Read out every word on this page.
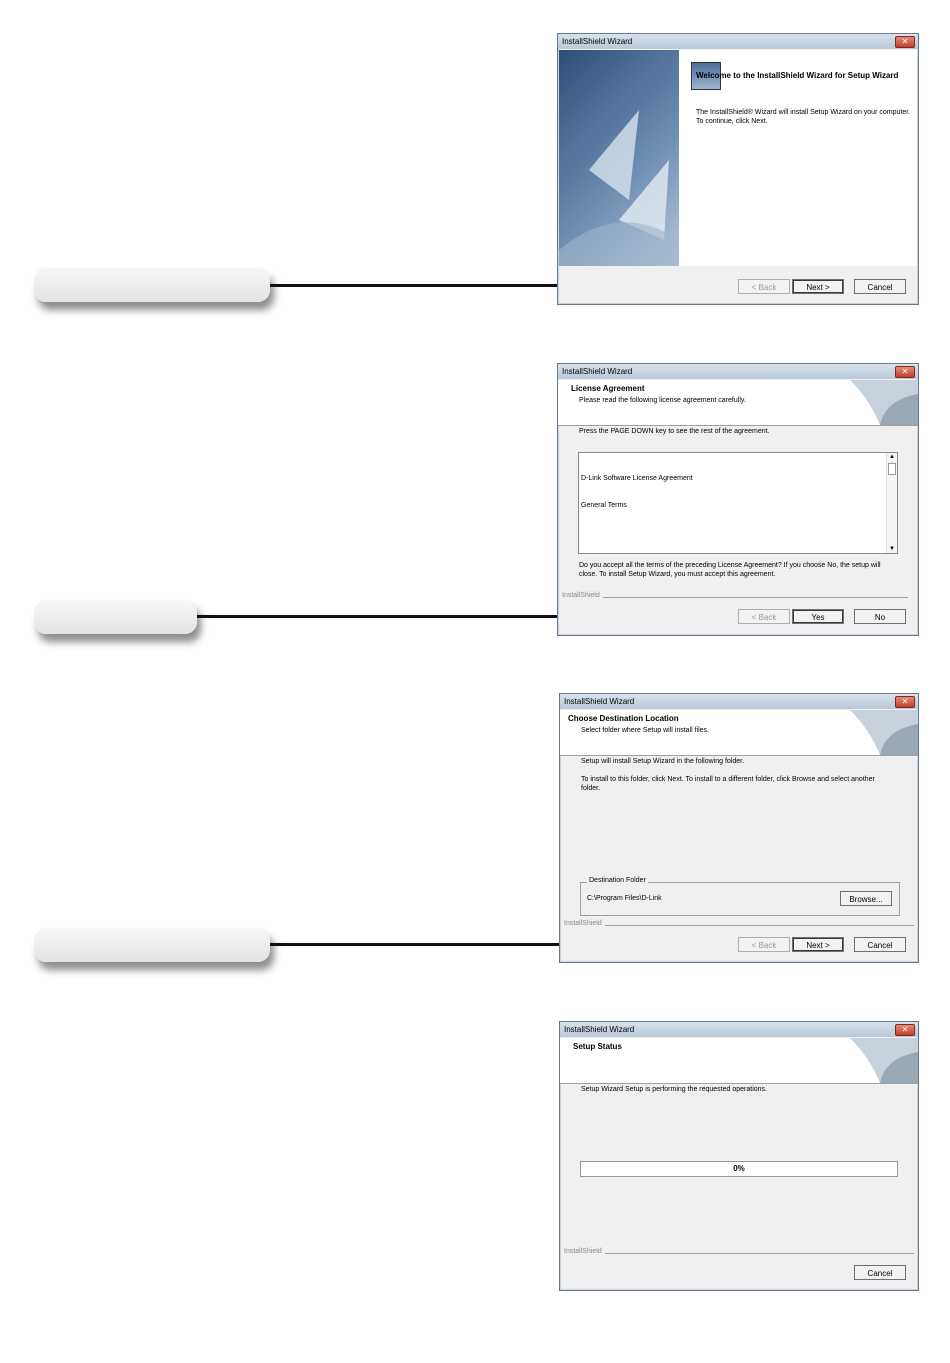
InstallShield Wizard	✕
Welcome to the InstallShield Wizard for Setup Wizard
The InstallShield® Wizard will install Setup Wizard on your computer. To continue, click Next.
< Back	Next >	Cancel
InstallShield Wizard	✕
License Agreement
Please read the following license agreement carefully.
Press the PAGE DOWN key to see the rest of the agreement.

D-Link Software License Agreement

General Terms

▲
▼
Do you accept all the terms of the preceding License Agreement? If you choose No, the setup will close. To install Setup Wizard, you must accept this agreement.
InstallShield
< Back	Yes	No
InstallShield Wizard	✕
Choose Destination Location
Select folder where Setup will install files.
Setup will install Setup Wizard in the following folder.
To install to this folder, click Next. To install to a different folder, click Browse and select another folder.
Destination Folder
C:\Program Files\D-Link	Browse...
InstallShield
< Back	Next >	Cancel
InstallShield Wizard	✕
Setup Status
Setup Wizard Setup is performing the requested operations.
0%
InstallShield
Cancel
